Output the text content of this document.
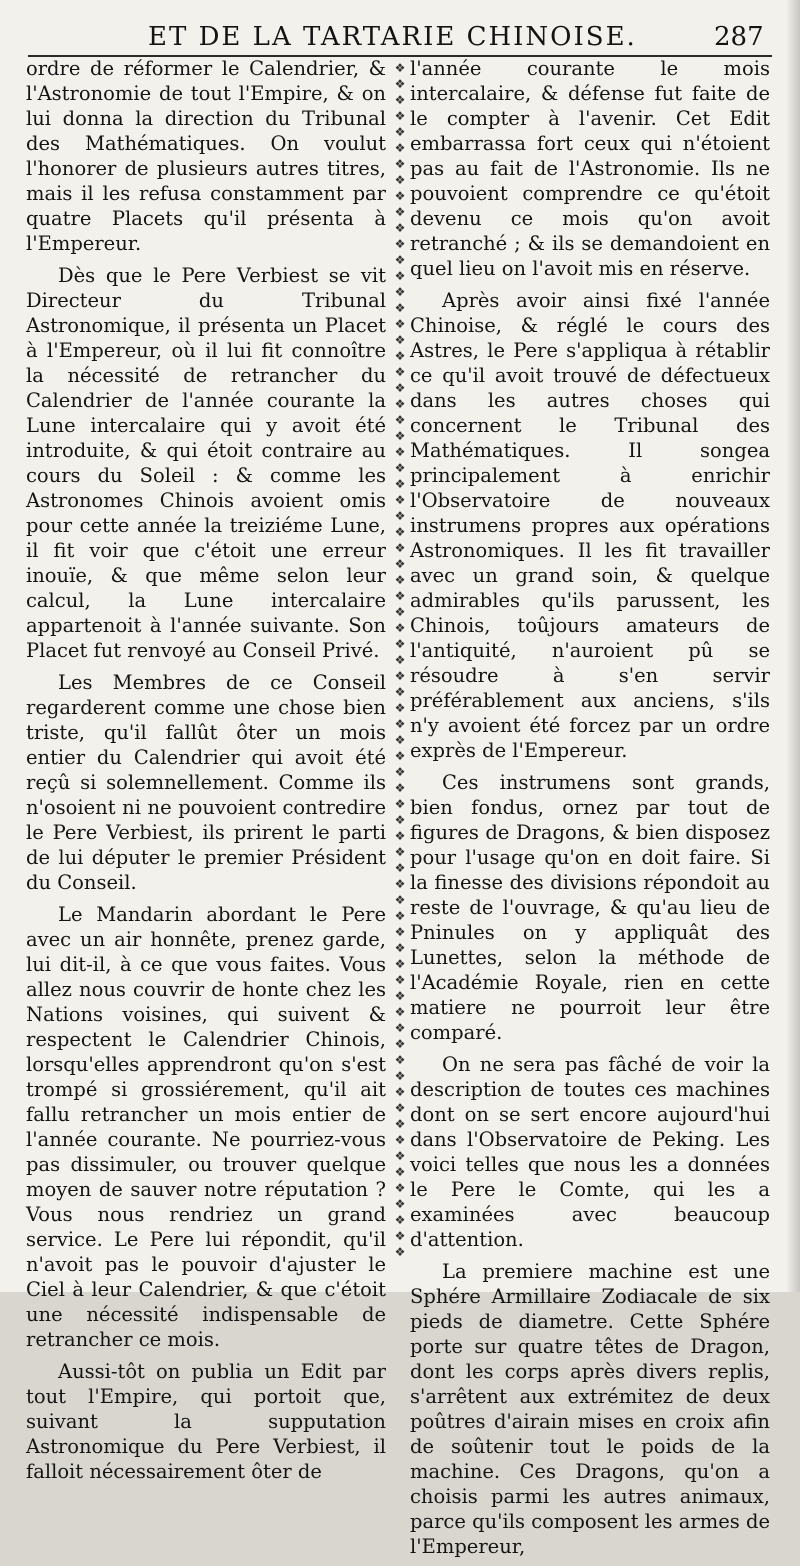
ET DE LA TARTARIE CHINOISE.	287

ordre de réformer le Calendrier, & l'Astronomie de tout l'Empire, & on lui donna la direction du Tribunal des Mathématiques. On voulut l'honorer de plusieurs autres titres, mais il les refusa constamment par quatre Placets qu'il présenta à l'Empereur.

Dès que le Pere Verbiest se vit Directeur du Tribunal Astronomique, il présenta un Placet à l'Empereur, où il lui fit connoître la nécessité de retrancher du Calendrier de l'année courante la Lune intercalaire qui y avoit été introduite, & qui étoit contraire au cours du Soleil : & comme les Astronomes Chinois avoient omis pour cette année la treiziéme Lune, il fit voir que c'étoit une erreur inouïe, & que même selon leur calcul, la Lune intercalaire appartenoit à l'année suivante. Son Placet fut renvoyé au Conseil Privé.

Les Membres de ce Conseil regarderent comme une chose bien triste, qu'il fallût ôter un mois entier du Calendrier qui avoit été reçû si solemnellement. Comme ils n'osoient ni ne pouvoient contredire le Pere Verbiest, ils prirent le parti de lui députer le premier Président du Conseil.

Le Mandarin abordant le Pere avec un air honnête, prenez garde, lui dit-il, à ce que vous faites. Vous allez nous couvrir de honte chez les Nations voisines, qui suivent & respectent le Calendrier Chinois, lorsqu'elles apprendront qu'on s'est trompé si grossiérement, qu'il ait fallu retrancher un mois entier de l'année courante. Ne pourriez-vous pas dissimuler, ou trouver quelque moyen de sauver notre réputation ? Vous nous rendriez un grand service. Le Pere lui répondit, qu'il n'avoit pas le pouvoir d'ajuster le Ciel à leur Calendrier, & que c'étoit une nécessité indispensable de retrancher ce mois.

Aussi-tôt on publia un Edit par tout l'Empire, qui portoit que, suivant la supputation Astronomique du Pere Verbiest, il falloit nécessairement ôter de

❖❖❖❖❖❖❖❖❖❖❖❖❖❖❖❖❖❖❖❖❖❖❖❖❖❖❖❖❖❖❖❖❖❖❖❖❖❖❖❖❖❖❖❖❖❖❖❖❖❖❖❖❖❖❖❖❖❖❖❖❖❖❖❖❖❖❖❖❖❖❖❖❖❖❖

l'année courante le mois intercalaire, & défense fut faite de le compter à l'avenir. Cet Edit embarrassa fort ceux qui n'étoient pas au fait de l'Astronomie. Ils ne pouvoient comprendre ce qu'étoit devenu ce mois qu'on avoit retranché ; & ils se demandoient en quel lieu on l'avoit mis en réserve.

Après avoir ainsi fixé l'année Chinoise, & réglé le cours des Astres, le Pere s'appliqua à rétablir ce qu'il avoit trouvé de défectueux dans les autres choses qui concernent le Tribunal des Mathématiques. Il songea principalement à enrichir l'Observatoire de nouveaux instrumens propres aux opérations Astronomiques. Il les fit travailler avec un grand soin, & quelque admirables qu'ils parussent, les Chinois, toûjours amateurs de l'antiquité, n'auroient pû se résoudre à s'en servir préférablement aux anciens, s'ils n'y avoient été forcez par un ordre exprès de l'Empereur.

Ces instrumens sont grands, bien fondus, ornez par tout de figures de Dragons, & bien disposez pour l'usage qu'on en doit faire. Si la finesse des divisions répondoit au reste de l'ouvrage, & qu'au lieu de Pninules on y appliquât des Lunettes, selon la méthode de l'Académie Royale, rien en cette matiere ne pourroit leur être comparé.

On ne sera pas fâché de voir la description de toutes ces machines dont on se sert encore aujourd'hui dans l'Observatoire de Peking. Les voici telles que nous les a données le Pere le Comte, qui les a examinées avec beaucoup d'attention.

La premiere machine est une Sphére Armillaire Zodiacale de six pieds de diametre. Cette Sphére porte sur quatre têtes de Dragon, dont les corps après divers replis, s'arrêtent aux extrémitez de deux poûtres d'airain mises en croix afin de soûtenir tout le poids de la machine. Ces Dragons, qu'on a choisis parmi les autres animaux, parce qu'ils composent les armes de l'Empereur,
